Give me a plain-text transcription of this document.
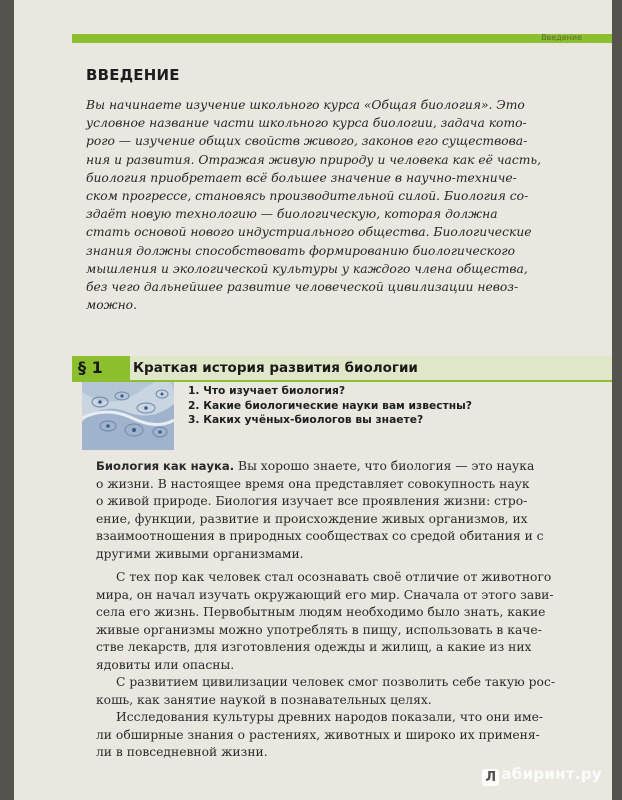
Введение
ВВЕДЕНИЕ
Вы начинаете изучение школьного курса «Общая биология». Это
условное название части школьного курса биологии, задача кото-
рого — изучение общих свойств живого, законов его существова-
ния и развития. Отражая живую природу и человека как её часть,
биология приобретает всё большее значение в научно-техниче-
ском прогрессе, становясь производительной силой. Биология со-
здаёт новую технологию — биологическую, которая должна
стать основой нового индустриального общества. Биологические
знания должны способствовать формированию биологического
мышления и экологической культуры у каждого члена общества,
без чего дальнейшее развитие человеческой цивилизации невоз-
можно.
§ 1 Краткая история развития биологии
1. Что изучает биология?
2. Какие биологические науки вам известны?
3. Каких учёных-биологов вы знаете?
Биология как наука. Вы хорошо знаете, что биология — это наука
о жизни. В настоящее время она представляет совокупность наук
о живой природе. Биология изучает все проявления жизни: стро-
ение, функции, развитие и происхождение живых организмов, их
взаимоотношения в природных сообществах со средой обитания и с
другими живыми организмами.
С тех пор как человек стал осознавать своё отличие от животного
мира, он начал изучать окружающий его мир. Сначала от этого зави-
села его жизнь. Первобытным людям необходимо было знать, какие
живые организмы можно употреблять в пищу, использовать в каче-
стве лекарств, для изготовления одежды и жилищ, а какие из них
ядовиты или опасны.
С развитием цивилизации человек смог позволить себе такую рос-
кошь, как занятие наукой в познавательных целях.
Исследования культуры древних народов показали, что они име-
ли обширные знания о растениях, животных и широко их применя-
ли в повседневной жизни.
Л абиринт.ру
